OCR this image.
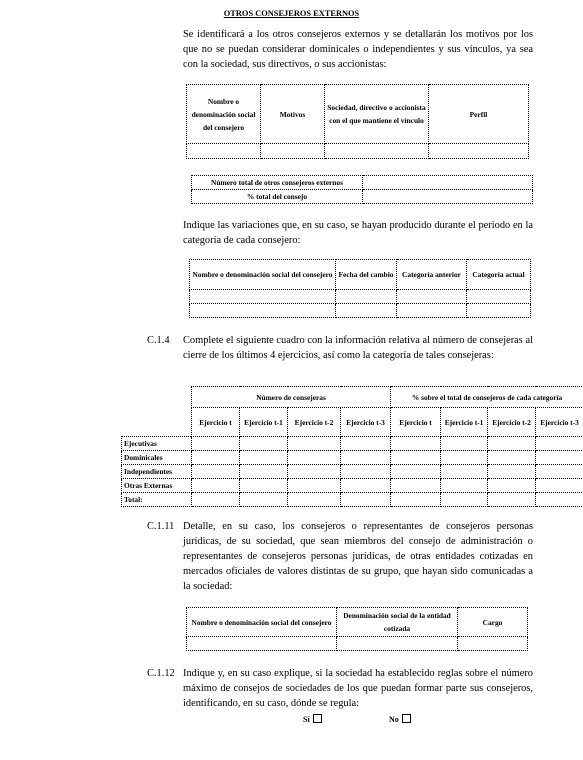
OTROS CONSEJEROS EXTERNOS
Se identificará a los otros consejeros externos y se detallarán los motivos por los que no se puedan considerar dominicales o independientes y sus vínculos, ya sea con la sociedad, sus directivos, o sus accionistas:
Nombre o denominación social del consejero	Motivos	Sociedad, directivo o accionista con el que mantiene el vínculo	Perfil

Número total de otros consejeros externos	
% total del consejo	
Indique las variaciones que, en su caso, se hayan producido durante el periodo en la categoría de cada consejero:
Nombre o denominación social del consejero	Fecha del cambio	Categoría anterior	Categoría actual

C.1.4 Complete el siguiente cuadro con la información relativa al número de consejeras al cierre de los últimos 4 ejercicios, así como la categoría de tales consejeras:
	Número de consejeras				% sobre el total de consejeros de cada categoría			
	Ejercicio t	Ejercicio t-1	Ejercicio t-2	Ejercicio t-3	Ejercicio t	Ejercicio t-1	Ejercicio t-2	Ejercicio t-3
Ejecutivas								
Dominicales								
Independientes								
Otras Externas								
Total:								
C.1.11 Detalle, en su caso, los consejeros o representantes de consejeros personas jurídicas, de su sociedad, que sean miembros del consejo de administración o representantes de consejeros personas jurídicas, de otras entidades cotizadas en mercados oficiales de valores distintas de su grupo, que hayan sido comunicadas a la sociedad:
Nombre o denominación social del consejero	Denominación social de la entidad cotizada	Cargo

C.1.12 Indique y, en su caso explique, si la sociedad ha establecido reglas sobre el número máximo de consejos de sociedades de los que puedan formar parte sus consejeros, identificando, en su caso, dónde se regula:
Sí	No
